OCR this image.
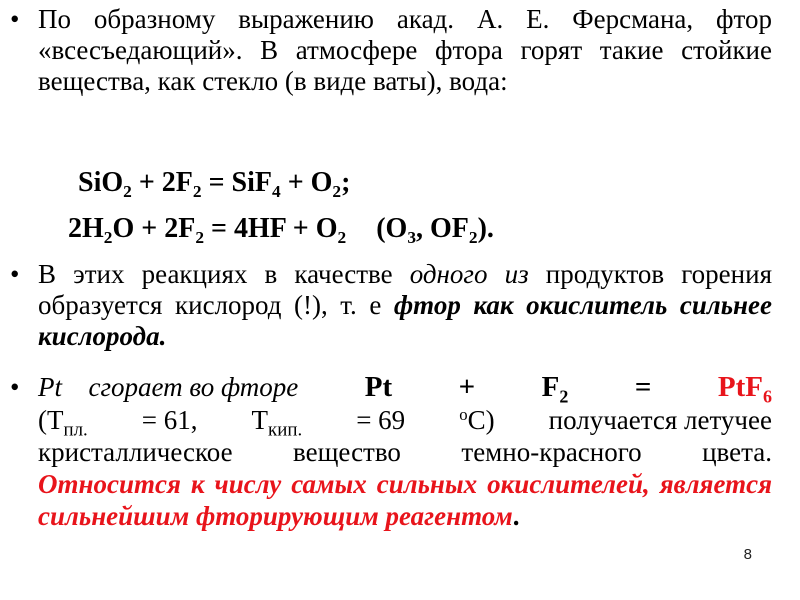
• По образному выражению акад. А. Е. Ферсмана, фтор «всесъедающий». В атмосфере фтора горят такие стойкие вещества, как стекло (в виде ваты), вода:
$SiO_2 + 2F_2 = SiF_4 + O_2$;
$2H_2O + 2F_2 = 4HF + O_2$ ($O_3$, $OF_2$).
• В этих реакциях в качестве одного из продуктов горения образуется кислород (!), т. е фтор как окислитель сильнее кислорода.
• Pt сгорает во фторе $Pt + F_2 = PtF_6$
($T_{пл.} = 61$, $T_{кип.} = 69$	$^o$C) получается летучее
кристаллическое вещество темно-красного цвета.
Относится к числу самых сильных окислителей, является сильнейшим фторирующим реагентом.
8
